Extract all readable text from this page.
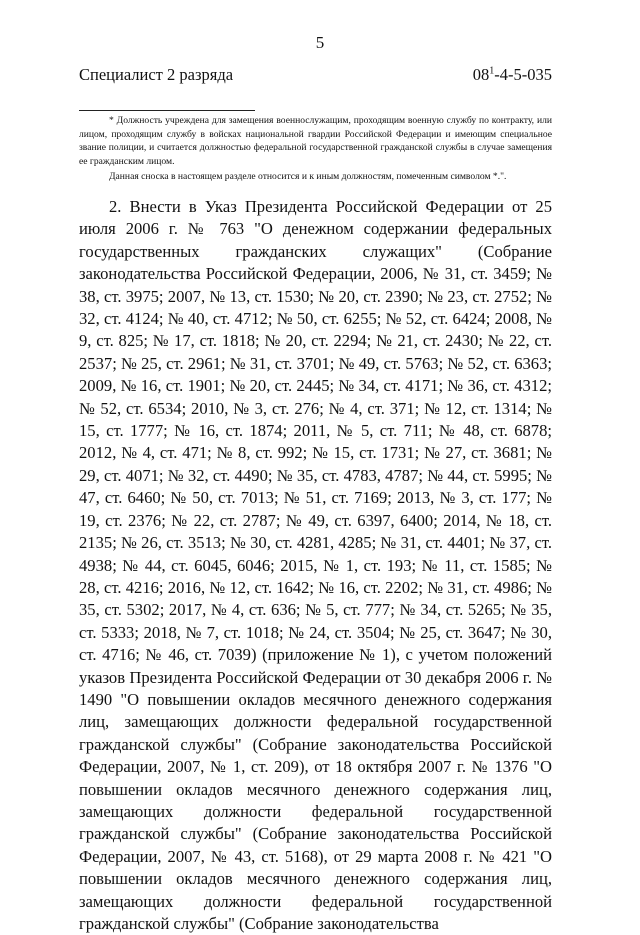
5
Специалист 2 разряда	$08^1-4-5-035$
* Должность учреждена для замещения военнослужащим, проходящим военную службу по контракту, или лицом, проходящим службу в войсках национальной гвардии Российской Федерации и имеющим специальное звание полиции, и считается должностью федеральной государственной гражданской службы в случае замещения ее гражданским лицом.
Данная сноска в настоящем разделе относится и к иным должностям, помеченным символом *.".

2. Внести в Указ Президента Российской Федерации от 25 июля 2006 г. № 763 "О денежном содержании федеральных государственных гражданских служащих" (Собрание законодательства Российской Федерации, 2006, № 31, ст. 3459; № 38, ст. 3975; 2007, № 13, ст. 1530; № 20, ст. 2390; № 23, ст. 2752; № 32, ст. 4124; № 40, ст. 4712; № 50, ст. 6255; № 52, ст. 6424; 2008, № 9, ст. 825; № 17, ст. 1818; № 20, ст. 2294; № 21, ст. 2430; № 22, ст. 2537; № 25, ст. 2961; № 31, ст. 3701; № 49, ст. 5763; № 52, ст. 6363; 2009, № 16, ст. 1901; № 20, ст. 2445; № 34, ст. 4171; № 36, ст. 4312; № 52, ст. 6534; 2010, № 3, ст. 276; № 4, ст. 371; № 12, ст. 1314; № 15, ст. 1777; № 16, ст. 1874; 2011, № 5, ст. 711; № 48, ст. 6878; 2012, № 4, ст. 471; № 8, ст. 992; № 15, ст. 1731; № 27, ст. 3681; № 29, ст. 4071; № 32, ст. 4490; № 35, ст. 4783, 4787; № 44, ст. 5995; № 47, ст. 6460; № 50, ст. 7013; № 51, ст. 7169; 2013, № 3, ст. 177; № 19, ст. 2376; № 22, ст. 2787; № 49, ст. 6397, 6400; 2014, № 18, ст. 2135; № 26, ст. 3513; № 30, ст. 4281, 4285; № 31, ст. 4401; № 37, ст. 4938; № 44, ст. 6045, 6046; 2015, № 1, ст. 193; № 11, ст. 1585; № 28, ст. 4216; 2016, № 12, ст. 1642; № 16, ст. 2202; № 31, ст. 4986; № 35, ст. 5302; 2017, № 4, ст. 636; № 5, ст. 777; № 34, ст. 5265; № 35, ст. 5333; 2018, № 7, ст. 1018; № 24, ст. 3504; № 25, ст. 3647; № 30, ст. 4716; № 46, ст. 7039) (приложение № 1), с учетом положений указов Президента Российской Федерации от 30 декабря 2006 г. № 1490 "О повышении окладов месячного денежного содержания лиц, замещающих должности федеральной государственной гражданской службы" (Собрание законодательства Российской Федерации, 2007, № 1, ст. 209), от 18 октября 2007 г. № 1376 "О повышении окладов месячного денежного содержания лиц, замещающих должности федеральной государственной гражданской службы" (Собрание законодательства Российской Федерации, 2007, № 43, ст. 5168), от 29 марта 2008 г. № 421 "О повышении окладов месячного денежного содержания лиц, замещающих должности федеральной государственной гражданской службы" (Собрание законодательства
